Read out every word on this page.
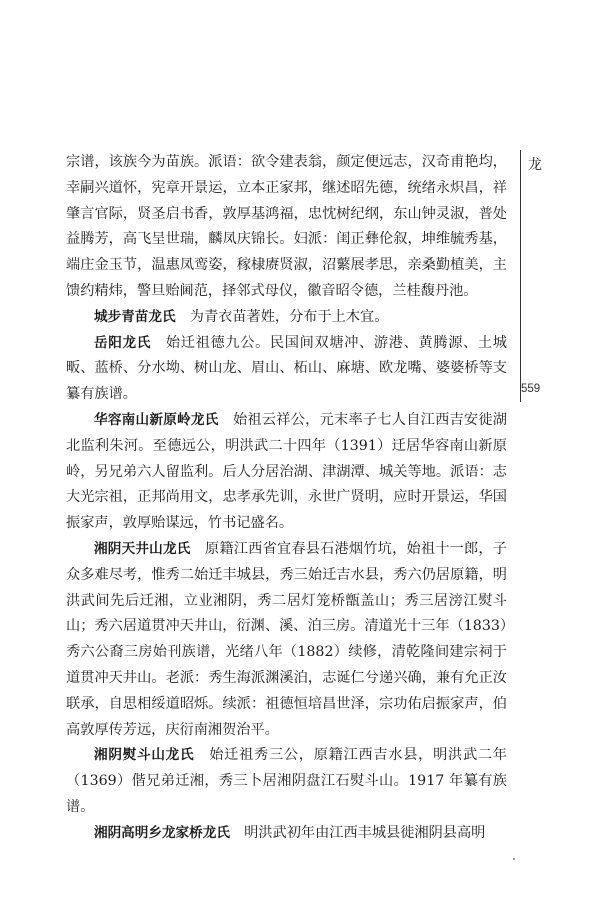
宗谱，该族今为苗族。派语：欲令建表翁，颜定便远志，汉奇甫艳均，幸嗣兴道怀，宪章开景运，立本正家邦，继述昭先德，统绪永炽昌，祥肇言官际，贤圣启书香，敦厚基鸿福，忠忱树纪纲，东山钟灵淑，普处益腾芳，高飞呈世瑞，麟凤庆锦长。妇派：闺正彝伦叙，坤维毓秀基，端庄金玉节，温惠凤鸾姿，稼棣赓贤淑，沼蘩展孝思，亲桑勤植美，主馈约精炜，警旦贻阃范，择邻式母仪，徽音昭令德，兰桂馥丹池。

城步青苗龙氏　 为青衣苗著姓，分布于上木宜。

岳阳龙氏　 始迁祖德九公。民国间双塘冲、游港、黄腾源、土城畈、蓝桥、分水坳、树山龙、眉山、柘山、麻塘、欧龙嘴、婆婆桥等支纂有族谱。

华容南山新原岭龙氏　 始祖云祥公，元末率子七人自江西吉安徙湖北监利朱河。至德远公，明洪武二十四年（1391）迁居华容南山新原岭，另兄弟六人留监利。后人分居治湖、津湖潭、城关等地。派语：志大光宗祖，正邦尚用文，忠孝承先训，永世广贤明，应时开景运，华国振家声，敦厚贻谋远，竹书记盛名。

湘阴天井山龙氏　 原籍江西省宜春县石港烟竹坑，始祖十一郎，子众多难尽考，惟秀二始迁丰城县，秀三始迁吉水县，秀六仍居原籍，明洪武间先后迁湘，立业湘阴，秀二居灯笼桥甑盖山；秀三居滂江熨斗山；秀六居道贯冲天井山，衍渊、溪、泊三房。清道光十三年（1833）秀六公裔三房始刊族谱，光绪八年（1882）续修，清乾隆间建宗祠于道贯冲天井山。老派：秀生海派渊溪泊，志诞仁兮递兴确，兼有允正汝联承，自思相绥道昭烁。续派：祖德恒培昌世泽，宗功佑启振家声，伯高敦厚传芳远，庆衍南湘贺治平。

湘阴熨斗山龙氏　 始迁祖秀三公，原籍江西吉水县，明洪武二年（1369）偕兄弟迁湘，秀三卜居湘阴盘江石熨斗山。1917 年纂有族谱。

湘阴高明乡龙家桥龙氏　 明洪武初年由江西丰城县徙湘阴县高明

龙
559
